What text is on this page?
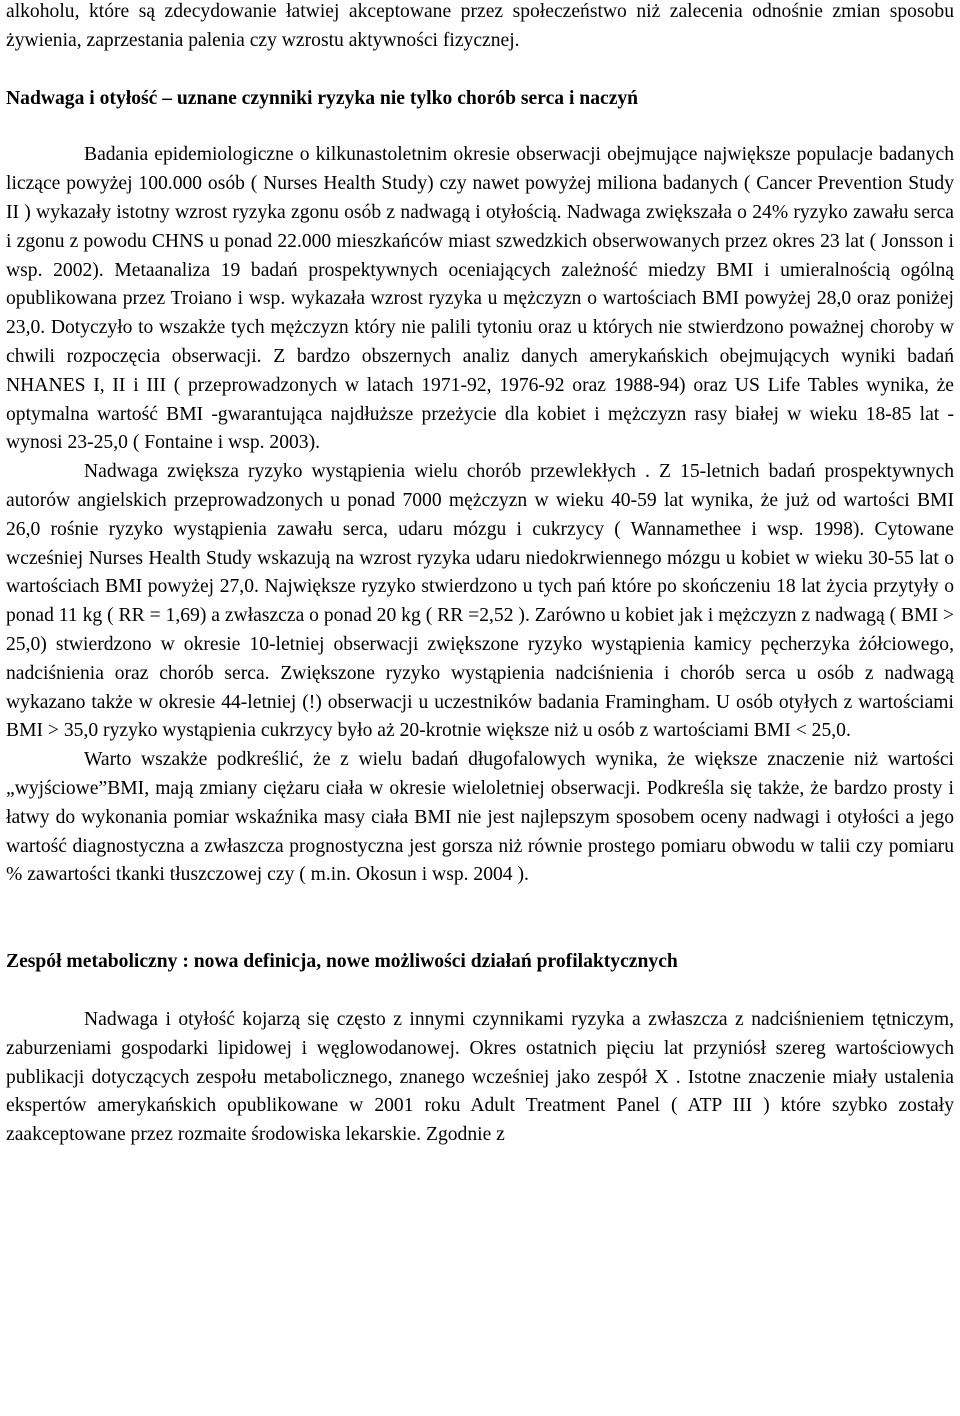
alkoholu, które są zdecydowanie łatwiej akceptowane przez społeczeństwo niż zalecenia odnośnie zmian sposobu żywienia, zaprzestania palenia czy wzrostu aktywności fizycznej.

Nadwaga i otyłość – uznane czynniki ryzyka nie tylko chorób serca i naczyń

Badania epidemiologiczne o kilkunastoletnim okresie obserwacji obejmujące największe populacje badanych liczące powyżej 100.000 osób ( Nurses Health Study) czy nawet powyżej miliona badanych ( Cancer Prevention Study II ) wykazały istotny wzrost ryzyka zgonu osób z nadwagą i otyłością. Nadwaga zwiększała o 24% ryzyko zawału serca i zgonu z powodu CHNS u ponad 22.000 mieszkańców miast szwedzkich obserwowanych przez okres 23 lat ( Jonsson i wsp. 2002). Metaanaliza 19 badań prospektywnych oceniających zależność miedzy BMI i umieralnością ogólną opublikowana przez Troiano i wsp. wykazała wzrost ryzyka u mężczyzn o wartościach BMI powyżej 28,0 oraz poniżej 23,0. Dotyczyło to wszakże tych mężczyzn który nie palili tytoniu oraz u których nie stwierdzono poważnej choroby w chwili rozpoczęcia obserwacji. Z bardzo obszernych analiz danych amerykańskich obejmujących wyniki badań NHANES I, II i III ( przeprowadzonych w latach 1971-92, 1976-92 oraz 1988-94) oraz US Life Tables wynika, że optymalna wartość BMI -gwarantująca najdłuższe przeżycie dla kobiet i mężczyzn rasy białej w wieku 18-85 lat - wynosi 23-25,0 ( Fontaine i wsp. 2003).

Nadwaga zwiększa ryzyko wystąpienia wielu chorób przewlekłych . Z 15-letnich badań prospektywnych autorów angielskich przeprowadzonych u ponad 7000 mężczyzn w wieku 40-59 lat wynika, że już od wartości BMI 26,0 rośnie ryzyko wystąpienia zawału serca, udaru mózgu i cukrzycy ( Wannamethee i wsp. 1998). Cytowane wcześniej Nurses Health Study wskazują na wzrost ryzyka udaru niedokrwiennego mózgu u kobiet w wieku 30-55 lat o wartościach BMI powyżej 27,0. Największe ryzyko stwierdzono u tych pań które po skończeniu 18 lat życia przytyły o ponad 11 kg ( RR = 1,69) a zwłaszcza o ponad 20 kg ( RR =2,52 ). Zarówno u kobiet jak i mężczyzn z nadwagą ( BMI > 25,0) stwierdzono w okresie 10-letniej obserwacji zwiększone ryzyko wystąpienia kamicy pęcherzyka żółciowego, nadciśnienia oraz chorób serca. Zwiększone ryzyko wystąpienia nadciśnienia i chorób serca u osób z nadwagą wykazano także w okresie 44-letniej (!) obserwacji u uczestników badania Framingham. U osób otyłych z wartościami BMI > 35,0 ryzyko wystąpienia cukrzycy było aż 20-krotnie większe niż u osób z wartościami BMI < 25,0.

Warto wszakże podkreślić, że z wielu badań długofalowych wynika, że większe znaczenie niż wartości „wyjściowe”BMI, mają zmiany ciężaru ciała w okresie wieloletniej obserwacji. Podkreśla się także, że bardzo prosty i łatwy do wykonania pomiar wskaźnika masy ciała BMI nie jest najlepszym sposobem oceny nadwagi i otyłości a jego wartość diagnostyczna a zwłaszcza prognostyczna jest gorsza niż równie prostego pomiaru obwodu w talii czy pomiaru % zawartości tkanki tłuszczowej czy ( m.in. Okosun i wsp. 2004 ).

Zespół metaboliczny : nowa definicja, nowe możliwości działań profilaktycznych

Nadwaga i otyłość kojarzą się często z innymi czynnikami ryzyka a zwłaszcza z nadciśnieniem tętniczym, zaburzeniami gospodarki lipidowej i węglowodanowej. Okres ostatnich pięciu lat przyniósł szereg wartościowych publikacji dotyczących zespołu metabolicznego, znanego wcześniej jako zespół X . Istotne znaczenie miały ustalenia ekspertów amerykańskich opublikowane w 2001 roku Adult Treatment Panel ( ATP III ) które szybko zostały zaakceptowane przez rozmaite środowiska lekarskie. Zgodnie z
